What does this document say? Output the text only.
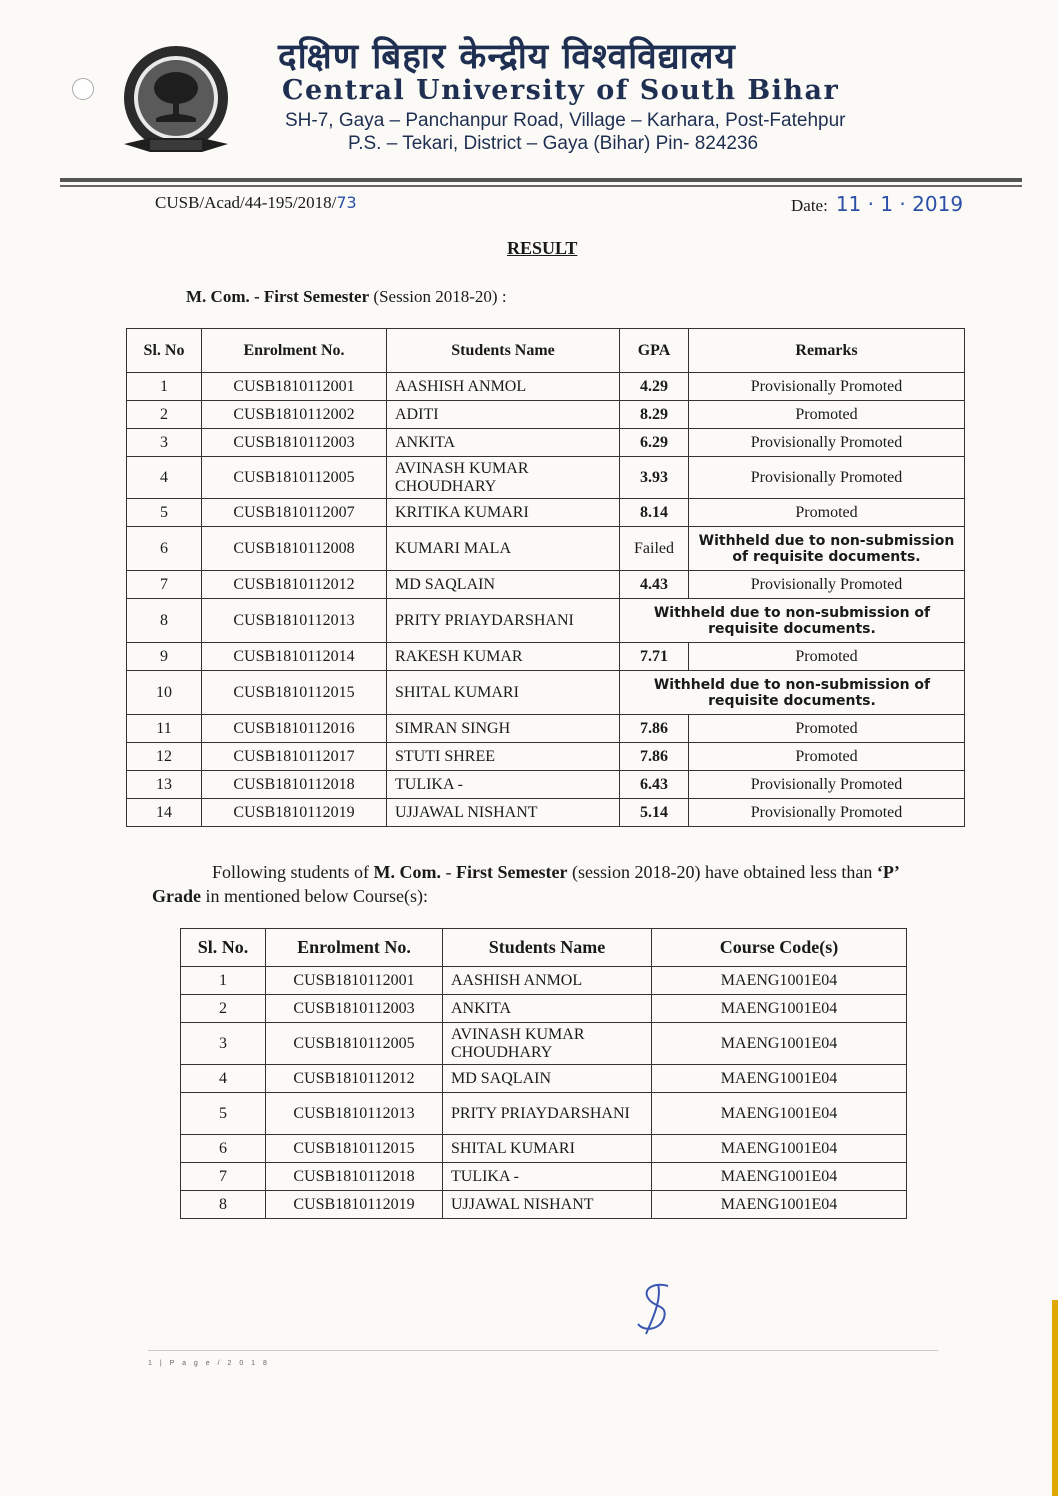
दक्षिण बिहार केन्द्रीय विश्वविद्यालय
Central University of South Bihar
SH-7, Gaya – Panchanpur Road, Village – Karhara, Post-Fatehpur
P.S. – Tekari, District – Gaya (Bihar) Pin- 824236
CUSB/Acad/44-195/2018/73	Date: 11 · 1 · 2019
RESULT
M. Com. - First Semester (Session 2018-20) :
Sl. No	Enrolment No.	Students Name	GPA	Remarks
1	CUSB1810112001	AASHISH ANMOL	4.29	Provisionally Promoted
2	CUSB1810112002	ADITI	8.29	Promoted
3	CUSB1810112003	ANKITA	6.29	Provisionally Promoted
4	CUSB1810112005	AVINASH KUMAR CHOUDHARY	3.93	Provisionally Promoted
5	CUSB1810112007	KRITIKA KUMARI	8.14	Promoted
6	CUSB1810112008	KUMARI MALA	Failed	Withheld due to non-submission of requisite documents.
7	CUSB1810112012	MD SAQLAIN	4.43	Provisionally Promoted
8	CUSB1810112013	PRITY PRIAYDARSHANI	Withheld due to non-submission of requisite documents.	
9	CUSB1810112014	RAKESH KUMAR	7.71	Promoted
10	CUSB1810112015	SHITAL KUMARI	Withheld due to non-submission of requisite documents.	
11	CUSB1810112016	SIMRAN SINGH	7.86	Promoted
12	CUSB1810112017	STUTI SHREE	7.86	Promoted
13	CUSB1810112018	TULIKA -	6.43	Provisionally Promoted
14	CUSB1810112019	UJJAWAL NISHANT	5.14	Provisionally Promoted
Following students of M. Com. - First Semester (session 2018-20) have obtained less than ‘P’ Grade in mentioned below Course(s):
Sl. No.	Enrolment No.	Students Name	Course Code(s)
1	CUSB1810112001	AASHISH ANMOL	MAENG1001E04
2	CUSB1810112003	ANKITA	MAENG1001E04
3	CUSB1810112005	AVINASH KUMAR CHOUDHARY	MAENG1001E04
4	CUSB1810112012	MD SAQLAIN	MAENG1001E04
5	CUSB1810112013	PRITY PRIAYDARSHANI	MAENG1001E04
6	CUSB1810112015	SHITAL KUMARI	MAENG1001E04
7	CUSB1810112018	TULIKA -	MAENG1001E04
8	CUSB1810112019	UJJAWAL NISHANT	MAENG1001E04
1 | P a g e / 2 0 1 8
